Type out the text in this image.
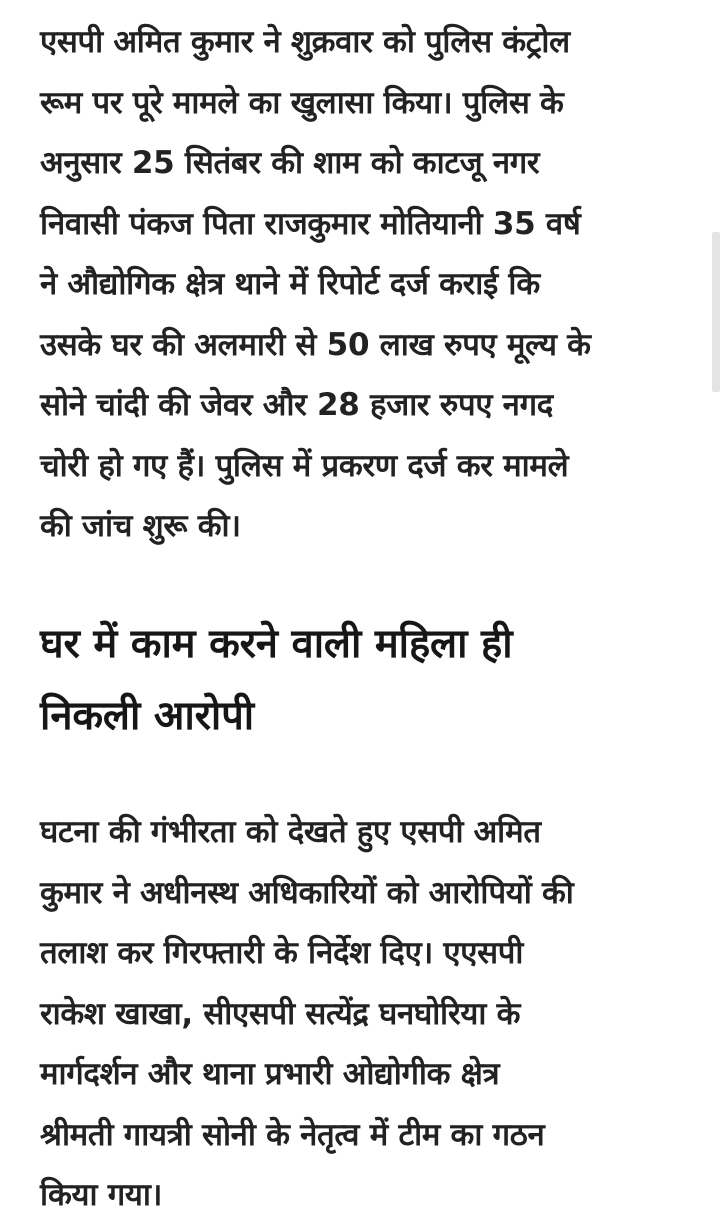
एसपी अमित कुमार ने शुक्रवार को पुलिस कंट्रोल
रूम पर पूरे मामले का खुलासा किया। पुलिस के
अनुसार 25 सितंबर की शाम को काटजू नगर
निवासी पंकज पिता राजकुमार मोतियानी 35 वर्ष
ने औद्योगिक क्षेत्र थाने में रिपोर्ट दर्ज कराई कि
उसके घर की अलमारी से 50 लाख रुपए मूल्य के
सोने चांदी की जेवर और 28 हजार रुपए नगद
चोरी हो गए हैं। पुलिस में प्रकरण दर्ज कर मामले
की जांच शुरू की।

घर में काम करने वाली महिला ही
निकली आरोपी

घटना की गंभीरता को देखते हुए एसपी अमित
कुमार ने अधीनस्थ अधिकारियों को आरोपियों की
तलाश कर गिरफ्तारी के निर्देश दिए। एएसपी
राकेश खाखा, सीएसपी सत्येंद्र घनघोरिया के
मार्गदर्शन और थाना प्रभारी ओद्योगीक क्षेत्र
श्रीमती गायत्री सोनी के नेतृत्व में टीम का गठन
किया गया।
